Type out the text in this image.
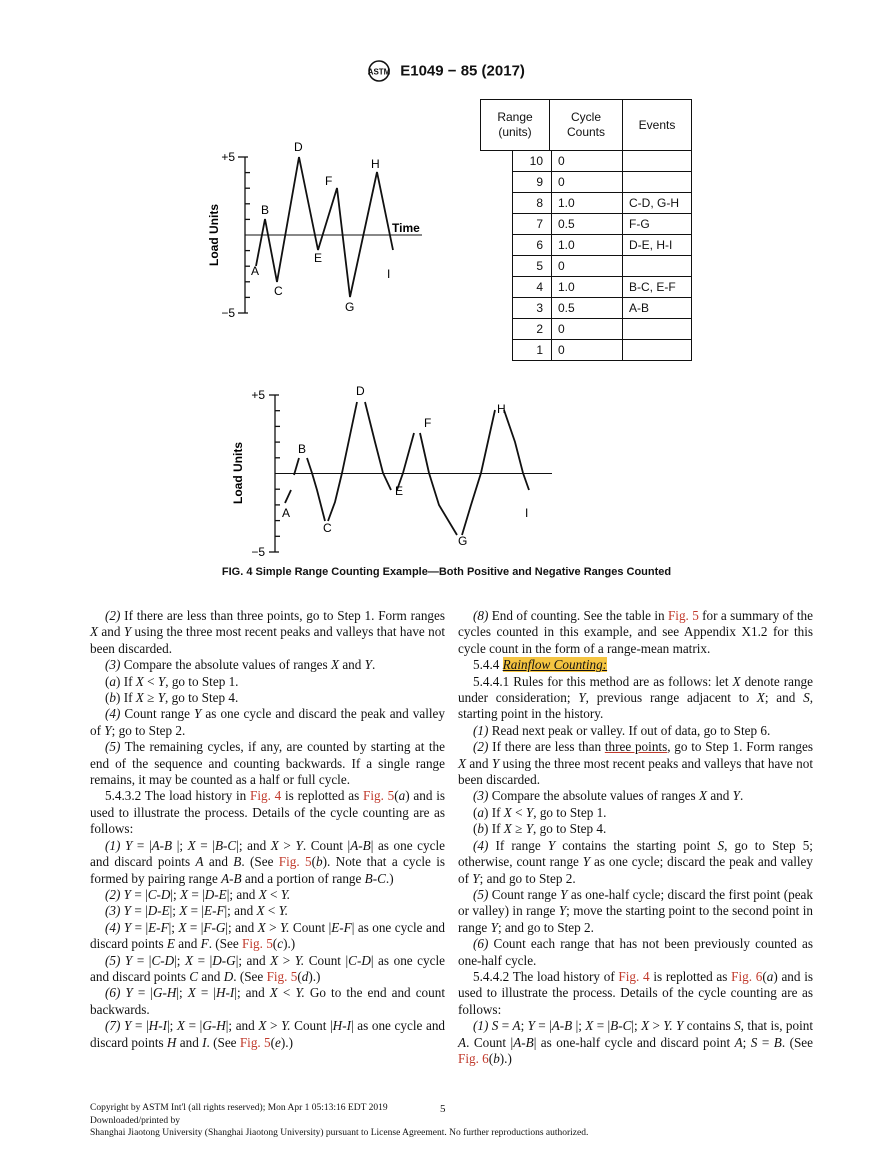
ASTM E1049 − 85 (2017)
+5
−5
Time
Load Units
A
B
C
D
E
F
G
H
I
Range (units)	Cycle Counts	Events
10	0	
9	0	
8	1.0	C-D, G-H
7	0.5	F-G
6	1.0	D-E, H-I
5	0	
4	1.0	B-C, E-F
3	0.5	A-B
2	0	
1	0	
+5
−5
Load Units
A
B
C
D
E
F
G
H
I
FIG. 4 Simple Range Counting Example—Both Positive and Negative Ranges Counted

(2) If there are less than three points, go to Step 1. Form ranges X and Y using the three most recent peaks and valleys that have not been discarded.

(3) Compare the absolute values of ranges X and Y.

(a) If X < Y, go to Step 1.

(b) If X ≥ Y, go to Step 4.

(4) Count range Y as one cycle and discard the peak and valley of Y; go to Step 2.

(5) The remaining cycles, if any, are counted by starting at the end of the sequence and counting backwards. If a single range remains, it may be counted as a half or full cycle.

5.4.3.2 The load history in Fig. 4 is replotted as Fig. 5(a) and is used to illustrate the process. Details of the cycle counting are as follows:

(1) Y = |A-B |; X = |B-C|; and X > Y. Count |A-B| as one cycle and discard points A and B. (See Fig. 5(b). Note that a cycle is formed by pairing range A-B and a portion of range B-C.)

(2) Y = |C-D|; X = |D-E|; and X < Y.

(3) Y = |D-E|; X = |E-F|; and X < Y.

(4) Y = |E-F|; X = |F-G|; and X > Y. Count |E-F| as one cycle and discard points E and F. (See Fig. 5(c).)

(5) Y = |C-D|; X = |D-G|; and X > Y. Count |C-D| as one cycle and discard points C and D. (See Fig. 5(d).)

(6) Y = |G-H|; X = |H-I|; and X < Y. Go to the end and count backwards.

(7) Y = |H-I|; X = |G-H|; and X > Y. Count |H-I| as one cycle and discard points H and I. (See Fig. 5(e).)

(8) End of counting. See the table in Fig. 5 for a summary of the cycles counted in this example, and see Appendix X1.2 for this cycle count in the form of a range-mean matrix.

5.4.4 Rainflow Counting:

5.4.4.1 Rules for this method are as follows: let X denote range under consideration; Y, previous range adjacent to X; and S, starting point in the history.

(1) Read next peak or valley. If out of data, go to Step 6.

(2) If there are less than three points, go to Step 1. Form ranges X and Y using the three most recent peaks and valleys that have not been discarded.

(3) Compare the absolute values of ranges X and Y.

(a) If X < Y, go to Step 1.

(b) If X ≥ Y, go to Step 4.

(4) If range Y contains the starting point S, go to Step 5; otherwise, count range Y as one cycle; discard the peak and valley of Y; and go to Step 2.

(5) Count range Y as one-half cycle; discard the first point (peak or valley) in range Y; move the starting point to the second point in range Y; and go to Step 2.

(6) Count each range that has not been previously counted as one-half cycle.

5.4.4.2 The load history of Fig. 4 is replotted as Fig. 6(a) and is used to illustrate the process. Details of the cycle counting are as follows:

(1) S = A; Y = |A-B |; X = |B-C|; X > Y. Y contains S, that is, point A. Count |A-B| as one-half cycle and discard point A; S = B. (See Fig. 6(b).)

Copyright by ASTM Int'l (all rights reserved); Mon Apr 1 05:13:16 EDT 2019
Downloaded/printed by
Shanghai Jiaotong University (Shanghai Jiaotong University) pursuant to License Agreement. No further reproductions authorized.
5
